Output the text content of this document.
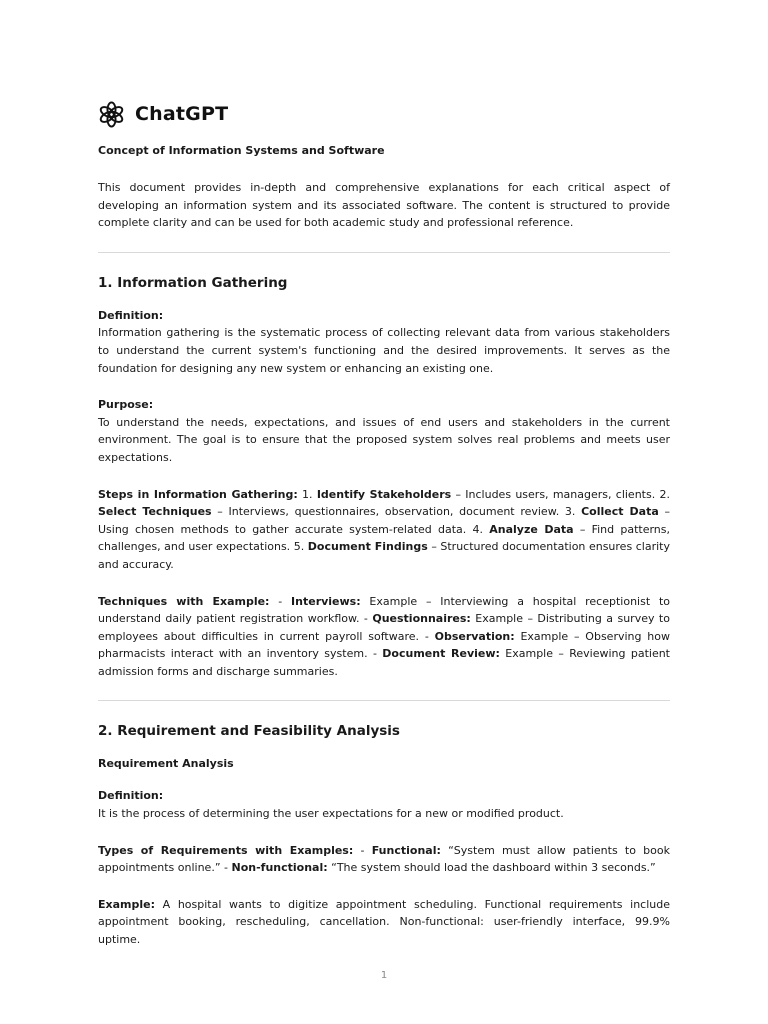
ChatGPT
Concept of Information Systems and Software

This document provides in-depth and comprehensive explanations for each critical aspect of developing an information system and its associated software. The content is structured to provide complete clarity and can be used for both academic study and professional reference.

1. Information Gathering
Definition:

Information gathering is the systematic process of collecting relevant data from various stakeholders to understand the current system's functioning and the desired improvements. It serves as the foundation for designing any new system or enhancing an existing one.

Purpose:

To understand the needs, expectations, and issues of end users and stakeholders in the current environment. The goal is to ensure that the proposed system solves real problems and meets user expectations.

Steps in Information Gathering: 1. Identify Stakeholders – Includes users, managers, clients. 2. Select Techniques – Interviews, questionnaires, observation, document review. 3. Collect Data – Using chosen methods to gather accurate system-related data. 4. Analyze Data – Find patterns, challenges, and user expectations. 5. Document Findings – Structured documentation ensures clarity and accuracy.

Techniques with Example: - Interviews: Example – Interviewing a hospital receptionist to understand daily patient registration workflow. - Questionnaires: Example – Distributing a survey to employees about difficulties in current payroll software. - Observation: Example – Observing how pharmacists interact with an inventory system. - Document Review: Example – Reviewing patient admission forms and discharge summaries.

2. Requirement and Feasibility Analysis
Requirement Analysis
Definition:

It is the process of determining the user expectations for a new or modified product.

Types of Requirements with Examples: - Functional: “System must allow patients to book appointments online.” - Non-functional: “The system should load the dashboard within 3 seconds.”

Example: A hospital wants to digitize appointment scheduling. Functional requirements include appointment booking, rescheduling, cancellation. Non-functional: user-friendly interface, 99.9% uptime.

1
